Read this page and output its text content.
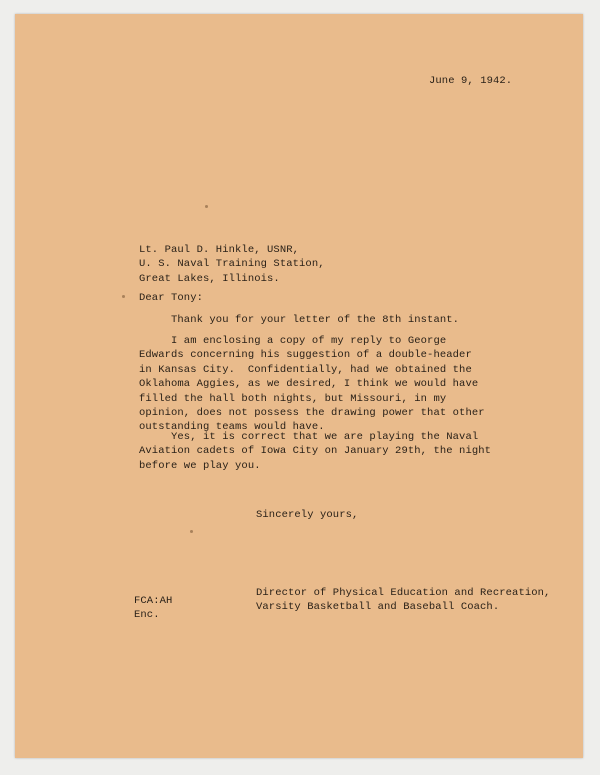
June 9, 1942.
Lt. Paul D. Hinkle, USNR,
U. S. Naval Training Station,
Great Lakes, Illinois.
Dear Tony:
Thank you for your letter of the 8th instant.
I am enclosing a copy of my reply to George
Edwards concerning his suggestion of a double-header
in Kansas City.  Confidentially, had we obtained the
Oklahoma Aggies, as we desired, I think we would have
filled the hall both nights, but Missouri, in my
opinion, does not possess the drawing power that other
outstanding teams would have.
Yes, it is correct that we are playing the Naval
Aviation cadets of Iowa City on January 29th, the night
before we play you.
Sincerely yours,
Director of Physical Education and Recreation,
Varsity Basketball and Baseball Coach.
FCA:AH
Enc.
